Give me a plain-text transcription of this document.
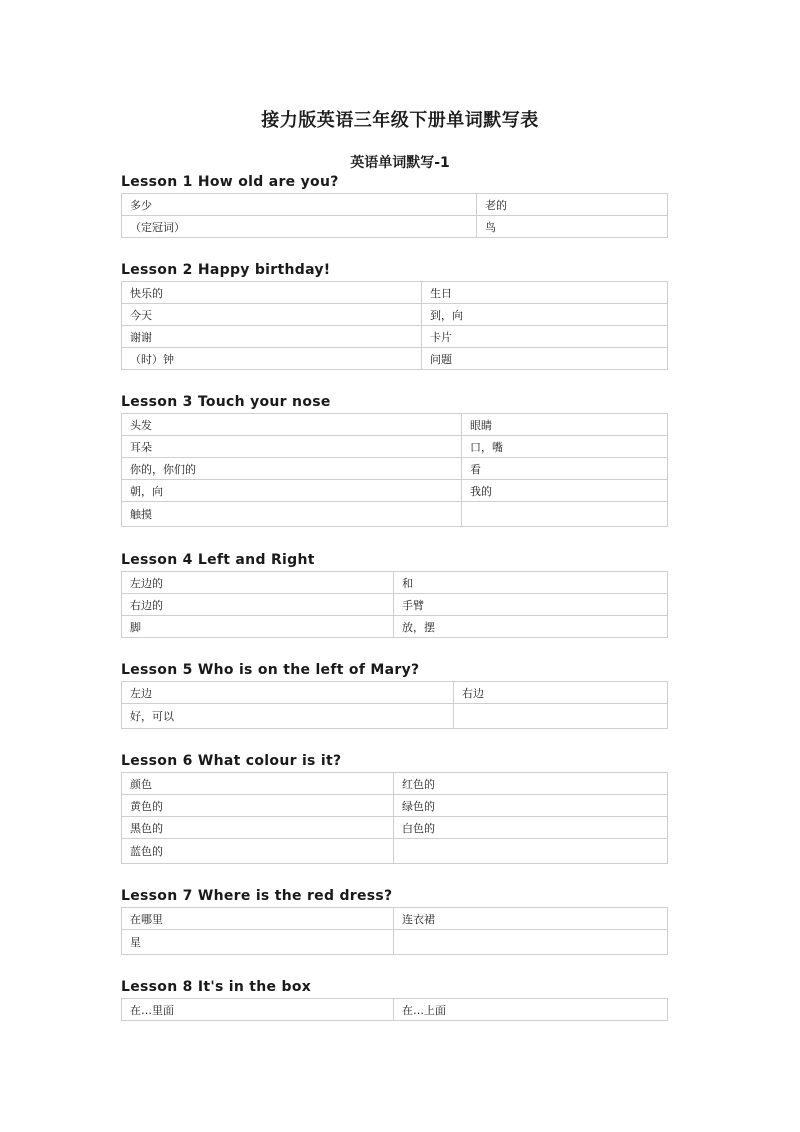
接力版英语三年级下册单词默写表
英语单词默写-1
Lesson 1 How old are you?
多少	老的
（定冠词）	鸟
Lesson 2 Happy birthday!
快乐的	生日
今天	到，向
谢谢	卡片
（时）钟	问题
Lesson 3 Touch your nose
头发	眼睛
耳朵	口，嘴
你的，你们的	看
朝，向	我的
触摸	
Lesson 4 Left and Right
左边的	和
右边的	手臂
脚	放，摆
Lesson 5 Who is on the left of Mary?
左边	右边
好，可以	
Lesson 6 What colour is it?
颜色	红色的
黄色的	绿色的
黑色的	白色的
蓝色的	
Lesson 7 Where is the red dress?
在哪里	连衣裙
星	
Lesson 8 It's in the box
在…里面	在…上面
